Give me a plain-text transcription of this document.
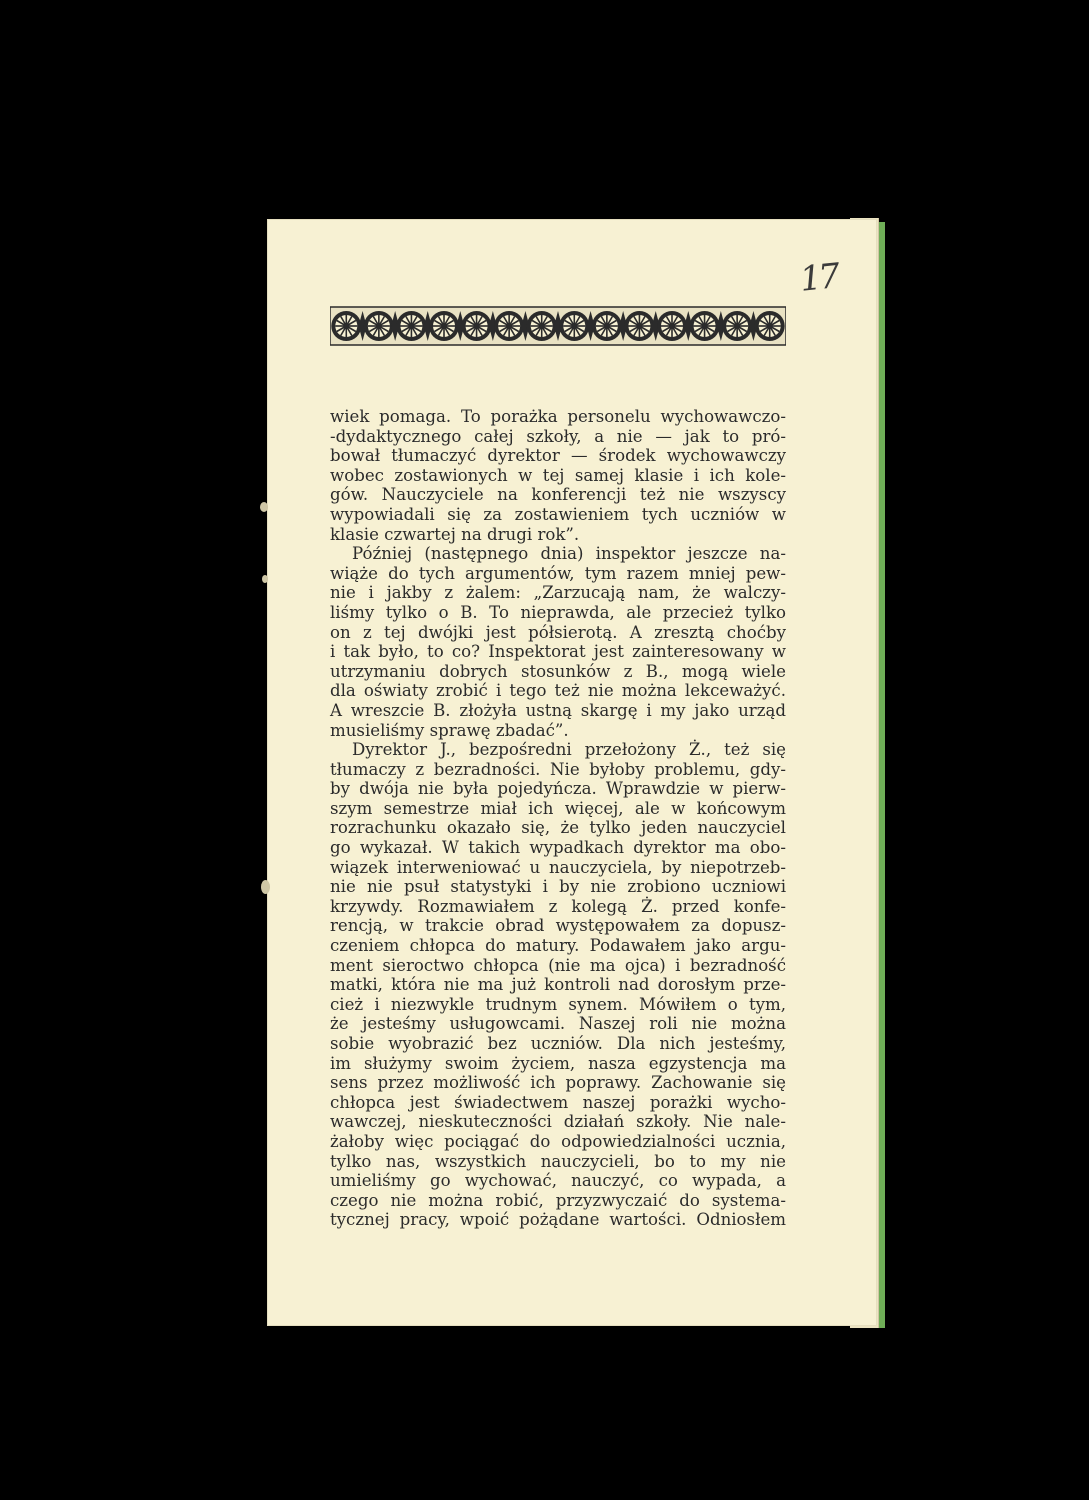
17
wiek pomaga. To porażka personelu wychowawczo-
-dydaktycznego całej szkoły, a nie — jak to pró-
bował tłumaczyć dyrektor — środek wychowawczy
wobec zostawionych w tej samej klasie i ich kole-
gów. Nauczyciele na konferencji też nie wszyscy
wypowiadali się za zostawieniem tych uczniów w
klasie czwartej na drugi rok”.
Później (następnego dnia) inspektor jeszcze na-
wiąże do tych argumentów, tym razem mniej pew-
nie i jakby z żalem: „Zarzucają nam, że walczy-
liśmy tylko o B. To nieprawda, ale przecież tylko
on z tej dwójki jest półsierotą. A zresztą choćby
i tak było, to co? Inspektorat jest zainteresowany w
utrzymaniu dobrych stosunków z B., mogą wiele
dla oświaty zrobić i tego też nie można lekceważyć.
A wreszcie B. złożyła ustną skargę i my jako urząd
musieliśmy sprawę zbadać”.
Dyrektor J., bezpośredni przełożony Ż., też się
tłumaczy z bezradności. Nie byłoby problemu, gdy-
by dwója nie była pojedyńcza. Wprawdzie w pierw-
szym semestrze miał ich więcej, ale w końcowym
rozrachunku okazało się, że tylko jeden nauczyciel
go wykazał. W takich wypadkach dyrektor ma obo-
wiązek interweniować u nauczyciela, by niepotrzeb-
nie nie psuł statystyki i by nie zrobiono uczniowi
krzywdy. Rozmawiałem z kolegą Ż. przed konfe-
rencją, w trakcie obrad występowałem za dopusz-
czeniem chłopca do matury. Podawałem jako argu-
ment sieroctwo chłopca (nie ma ojca) i bezradność
matki, która nie ma już kontroli nad dorosłym prze-
cież i niezwykle trudnym synem. Mówiłem o tym,
że jesteśmy usługowcami. Naszej roli nie można
sobie wyobrazić bez uczniów. Dla nich jesteśmy,
im służymy swoim życiem, nasza egzystencja ma
sens przez możliwość ich poprawy. Zachowanie się
chłopca jest świadectwem naszej porażki wycho-
wawczej, nieskuteczności działań szkoły. Nie nale-
żałoby więc pociągać do odpowiedzialności ucznia,
tylko nas, wszystkich nauczycieli, bo to my nie
umieliśmy go wychować, nauczyć, co wypada, a
czego nie można robić, przyzwyczaić do systema-
tycznej pracy, wpoić pożądane wartości. Odniosłem
